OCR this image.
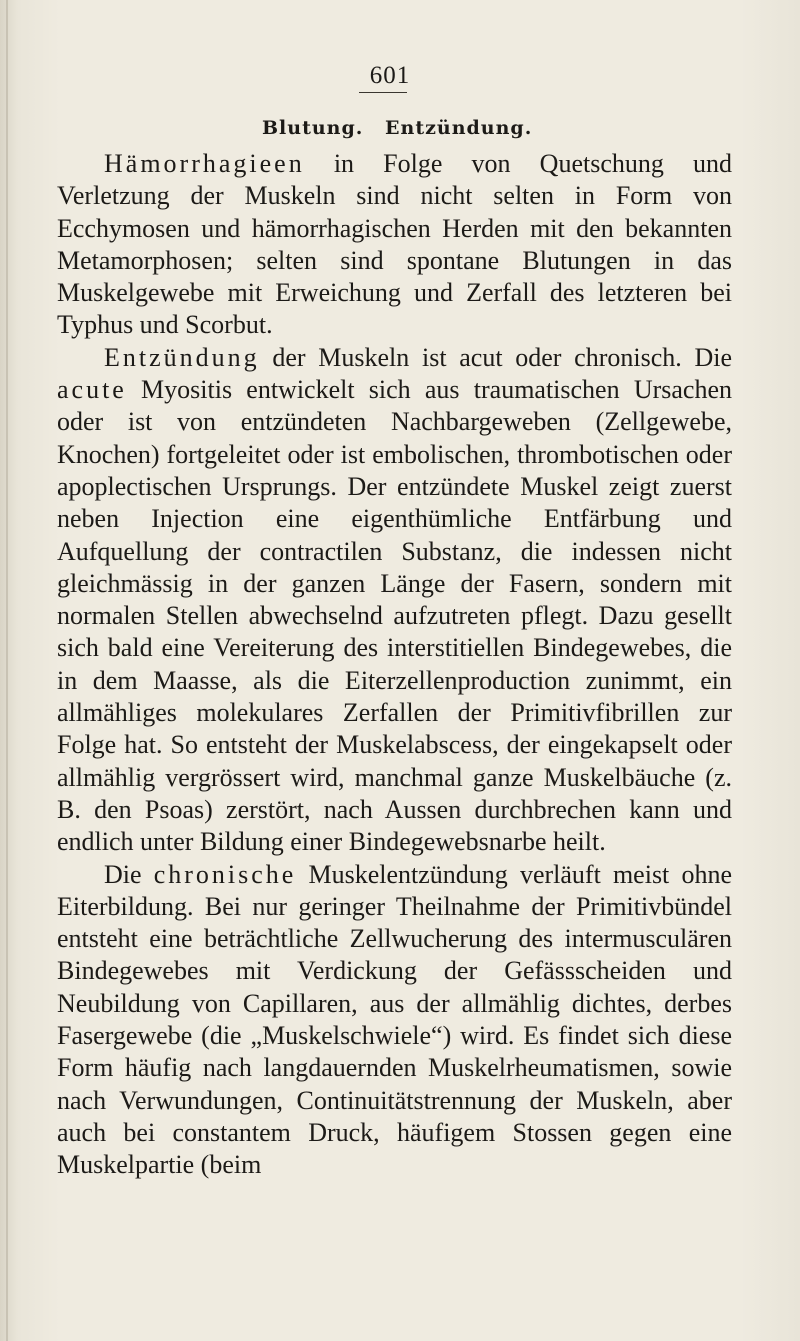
601
Blutung. Entzündung.

Hämorrhagieen in Folge von Quetschung und Verletzung der Muskeln sind nicht selten in Form von Ecchymosen und hämorrhagischen Herden mit den bekannten Metamorphosen; selten sind spontane Blutungen in das Muskelgewebe mit Erweichung und Zerfall des letzteren bei Typhus und Scorbut.

Entzündung der Muskeln ist acut oder chronisch. Die acute Myositis entwickelt sich aus traumatischen Ursachen oder ist von entzündeten Nachbargeweben (Zellgewebe, Knochen) fortgeleitet oder ist embolischen, thrombotischen oder apoplectischen Ursprungs. Der entzündete Muskel zeigt zuerst neben Injection eine eigenthümliche Entfärbung und Aufquellung der contractilen Substanz, die indessen nicht gleichmässig in der ganzen Länge der Fasern, sondern mit normalen Stellen abwechselnd aufzutreten pflegt. Dazu gesellt sich bald eine Vereiterung des interstitiellen Bindegewebes, die in dem Maasse, als die Eiterzellenproduction zunimmt, ein allmähliges molekulares Zerfallen der Primitivfibrillen zur Folge hat. So entsteht der Muskelabscess, der eingekapselt oder allmählig vergrössert wird, manchmal ganze Muskelbäuche (z. B. den Psoas) zerstört, nach Aussen durchbrechen kann und endlich unter Bildung einer Bindegewebsnarbe heilt.

Die chronische Muskelentzündung verläuft meist ohne Eiterbildung. Bei nur geringer Theilnahme der Primitivbündel entsteht eine beträchtliche Zellwucherung des intermusculären Bindegewebes mit Verdickung der Gefässscheiden und Neubildung von Capillaren, aus der allmählig dichtes, derbes Fasergewebe (die „Muskelschwiele“) wird. Es findet sich diese Form häufig nach langdauernden Muskelrheumatismen, sowie nach Verwundungen, Continuitätstrennung der Muskeln, aber auch bei constantem Druck, häufigem Stossen gegen eine Muskelpartie (beim
